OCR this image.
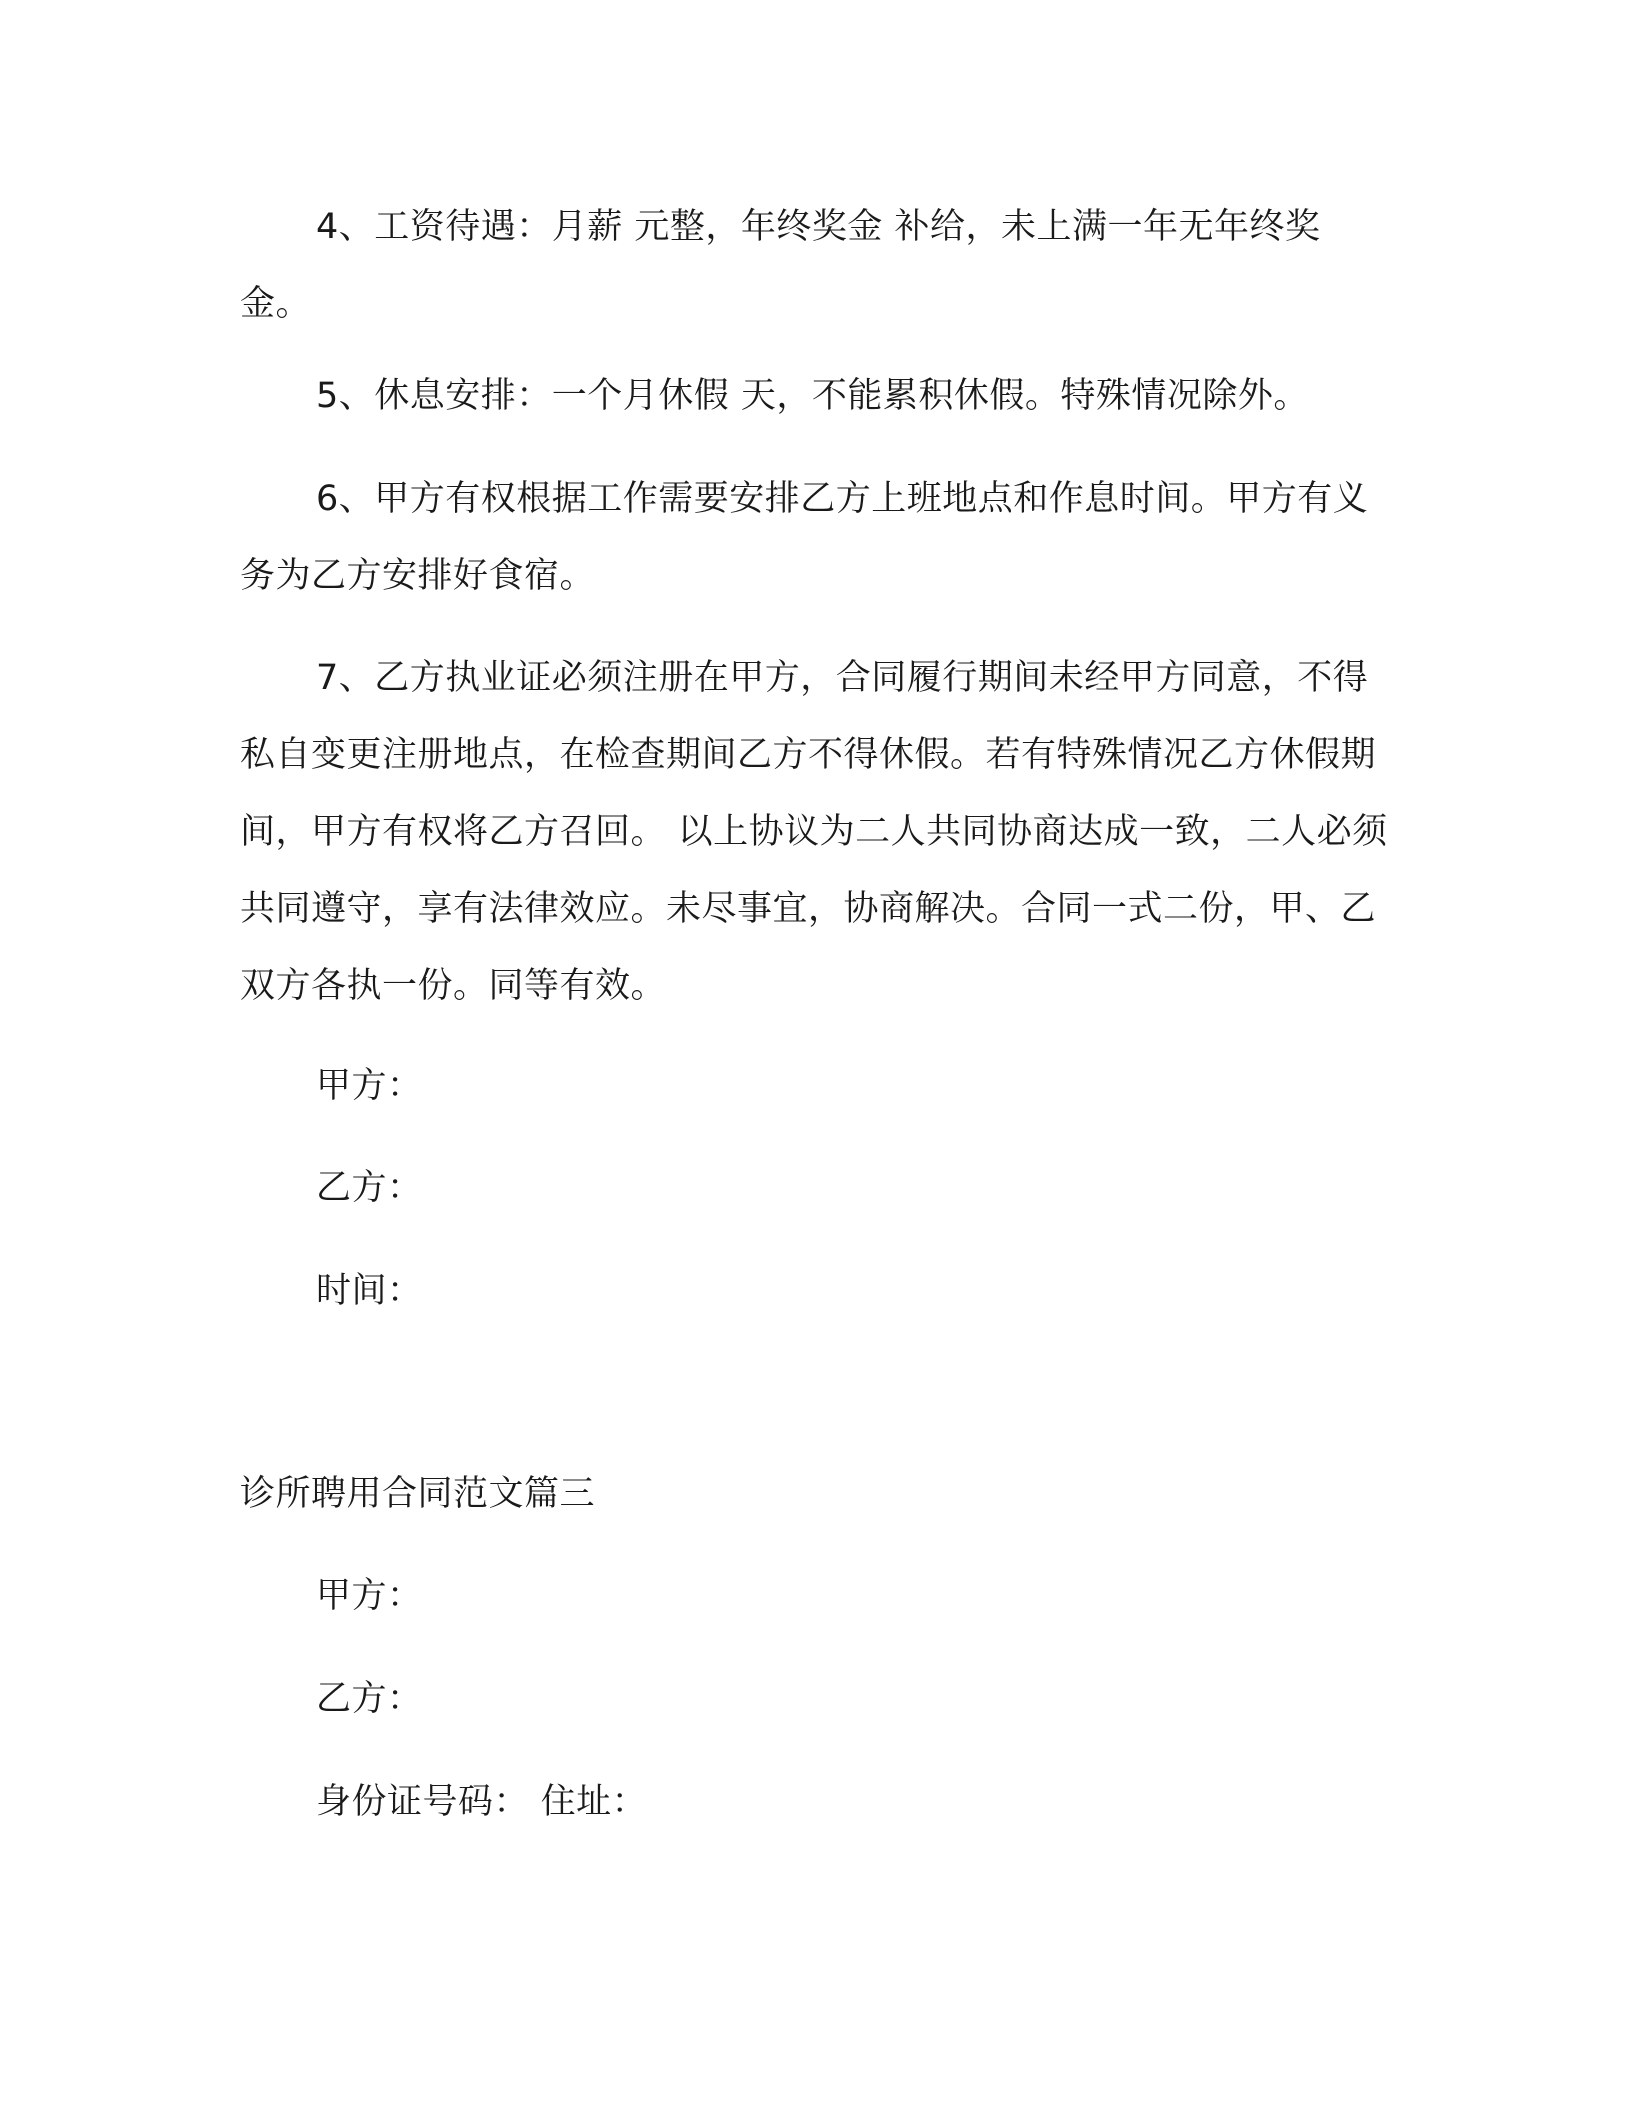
4、工资待遇：月薪 元整，年终奖金 补给，未上满一年无年终奖金。

5、休息安排：一个月休假 天，不能累积休假。特殊情况除外。

6、甲方有权根据工作需要安排乙方上班地点和作息时间。甲方有义务为乙方安排好食宿。

7、乙方执业证必须注册在甲方，合同履行期间未经甲方同意，不得私自变更注册地点，在检查期间乙方不得休假。若有特殊情况乙方休假期间，甲方有权将乙方召回。 以上协议为二人共同协商达成一致，二人必须共同遵守，享有法律效应。未尽事宜，协商解决。合同一式二份，甲、乙双方各执一份。同等有效。

甲方：

乙方：

时间：

诊所聘用合同范文篇三

甲方：

乙方：

身份证号码： 住址：
